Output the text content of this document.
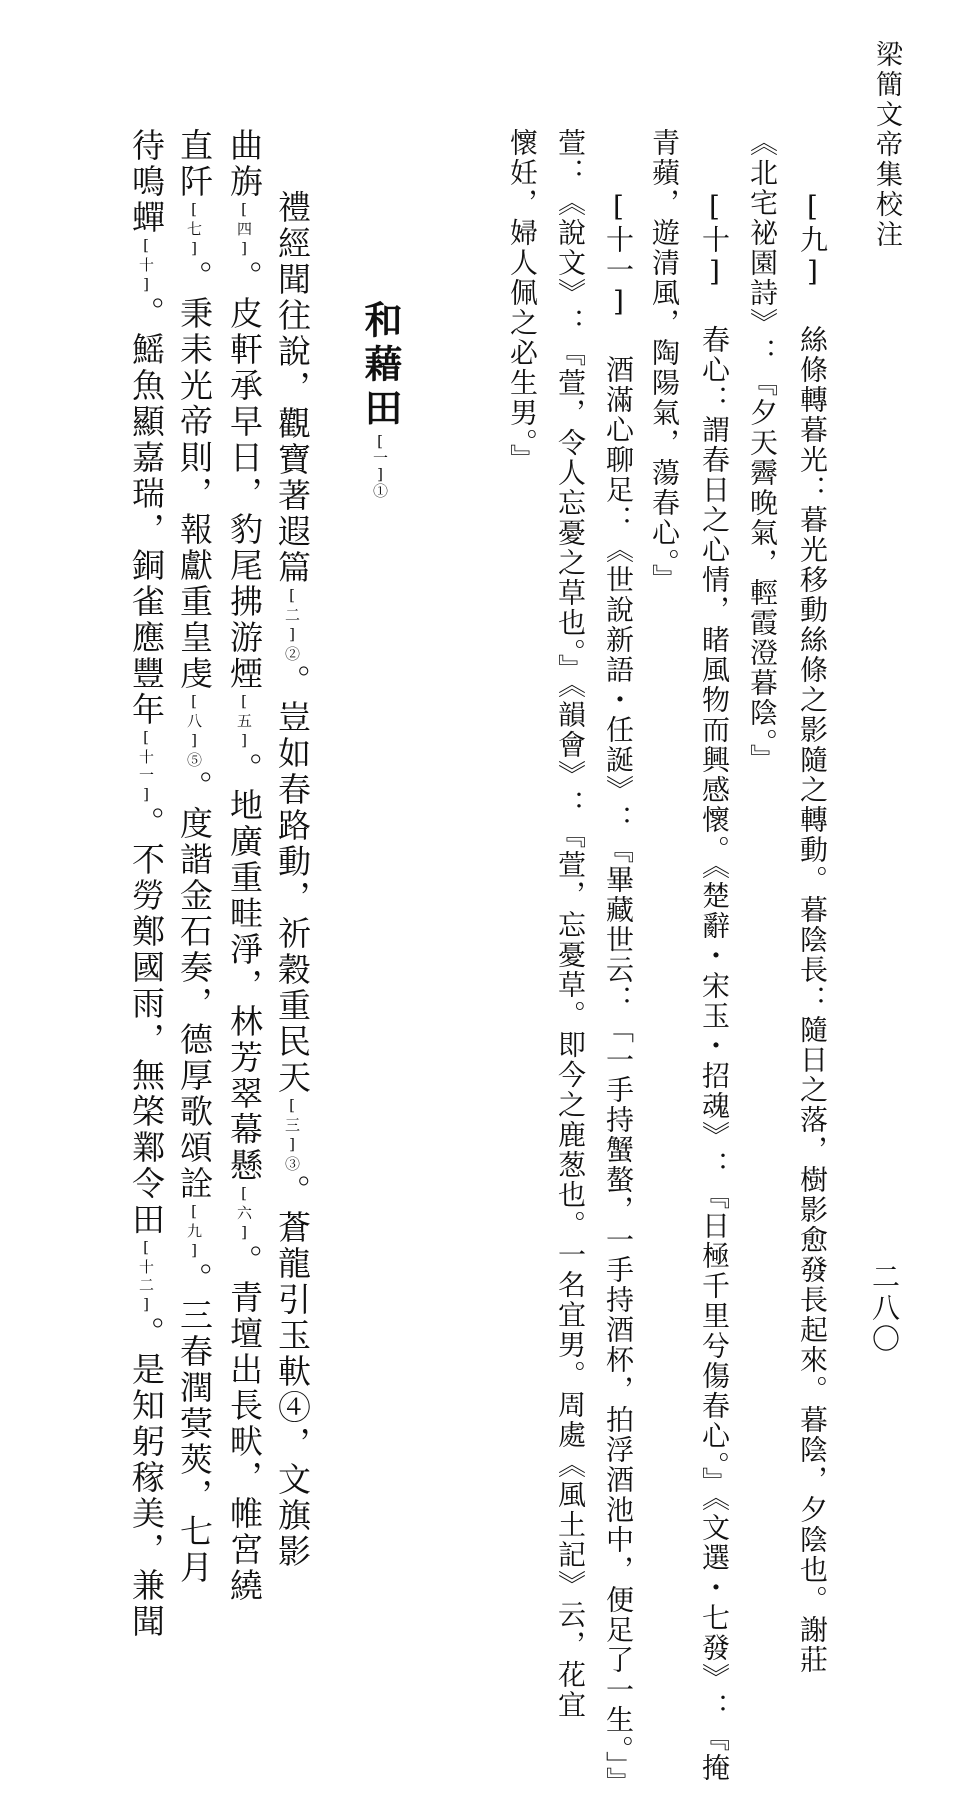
梁簡文帝集校注
二八〇
[九] 絲條轉暮光：暮光移動絲條之影隨之轉動。暮陰長：隨日之落，樹影愈發長起來。暮陰，夕陰也。謝莊
《北宅祕園詩》：『夕天霽晚氣，輕霞澄暮陰。』
[十] 春心：謂春日之心情，睹風物而興感懷。《楚辭・宋玉・招魂》：『日極千里兮傷春心。』《文選・七發》：『掩
青蘋，遊清風，陶陽氣，蕩春心。』
[十一] 酒滿心聊足：《世說新語・任誕》：『畢藏世云：「一手持蟹螯，一手持酒杯，拍浮酒池中，便足了一生。」』
萱：《說文》：『萱，令人忘憂之草也。』《韻會》：『萱，忘憂草。即今之鹿葱也。一名宜男。周處《風土記》云，花宜
懷妊，婦人佩之必生男。』
和藉田[一]①
禮經聞往說，觀寶著遐篇[二]②。豈如春路動，祈穀重民天[三]③。蒼龍引玉軑④，文旗影
曲旃[四]。皮軒承早日，豹尾拂游煙[五]。地廣重畦淨，林芳翠幕懸[六]。青壇出長畎，帷宮繞
直阡[七]。秉耒光帝則，報獻重皇虔[八]⑤。度諧金石奏，德厚歌頌詮[九]。三春潤蓂莢，七月
待鳴蟬[十]。鰩魚顯嘉瑞，銅雀應豐年[十一]。不勞鄭國雨，無棨鄴令田[十二]。是知躬稼美，兼聞
